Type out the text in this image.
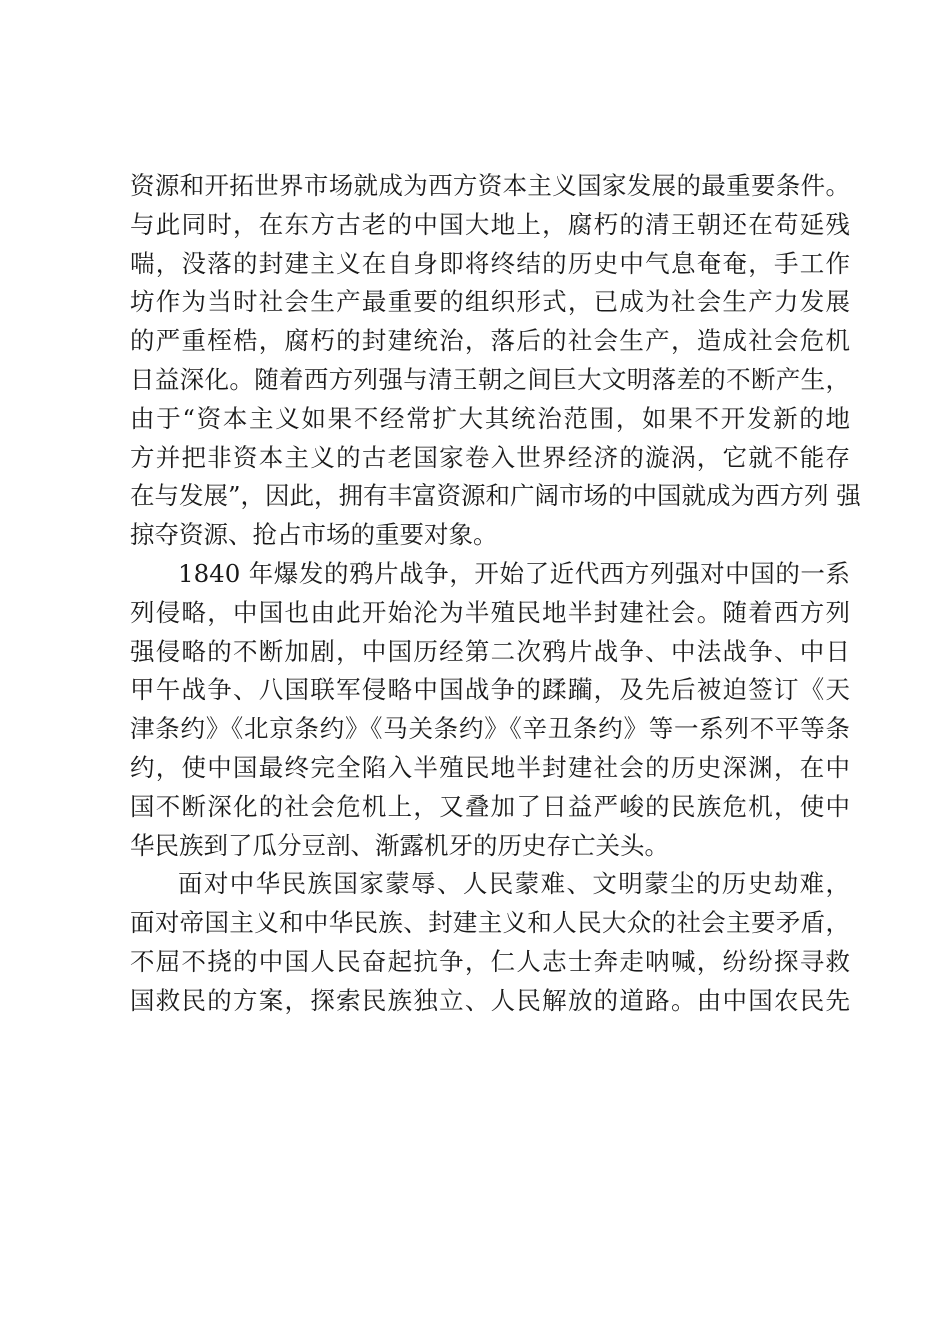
资源和开拓世界市场就成为西方资本主义国家发展的最重要条件。
与此同时，在东方古老的中国大地上，腐朽的清王朝还在苟延残
喘，没落的封建主义在自身即将终结的历史中气息奄奄，手工作
坊作为当时社会生产最重要的组织形式，已成为社会生产力发展
的严重桎梏，腐朽的封建统治，落后的社会生产，造成社会危机
日益深化。随着西方列强与清王朝之间巨大文明落差的不断产生，
由于“资本主义如果不经常扩大其统治范围，如果不开发新的地
方并把非资本主义的古老国家卷入世界经济的漩涡，它就不能存
在与发展”，因此，拥有丰富资源和广阔市场的中国就成为西方列 强
掠夺资源、抢占市场的重要对象。
1840 年爆发的鸦片战争，开始了近代西方列强对中国的一系
列侵略，中国也由此开始沦为半殖民地半封建社会。随着西方列
强侵略的不断加剧，中国历经第二次鸦片战争、中法战争、中日
甲午战争、八国联军侵略中国战争的蹂躏，及先后被迫签订《天
津条约》《北京条约》《马关条约》《辛丑条约》等一系列不平等条
约，使中国最终完全陷入半殖民地半封建社会的历史深渊，在中
国不断深化的社会危机上，又叠加了日益严峻的民族危机，使中
华民族到了瓜分豆剖、渐露机牙的历史存亡关头。
面对中华民族国家蒙辱、人民蒙难、文明蒙尘的历史劫难，
面对帝国主义和中华民族、封建主义和人民大众的社会主要矛盾，
不屈不挠的中国人民奋起抗争，仁人志士奔走呐喊，纷纷探寻救
国救民的方案，探索民族独立、人民解放的道路。由中国农民先
